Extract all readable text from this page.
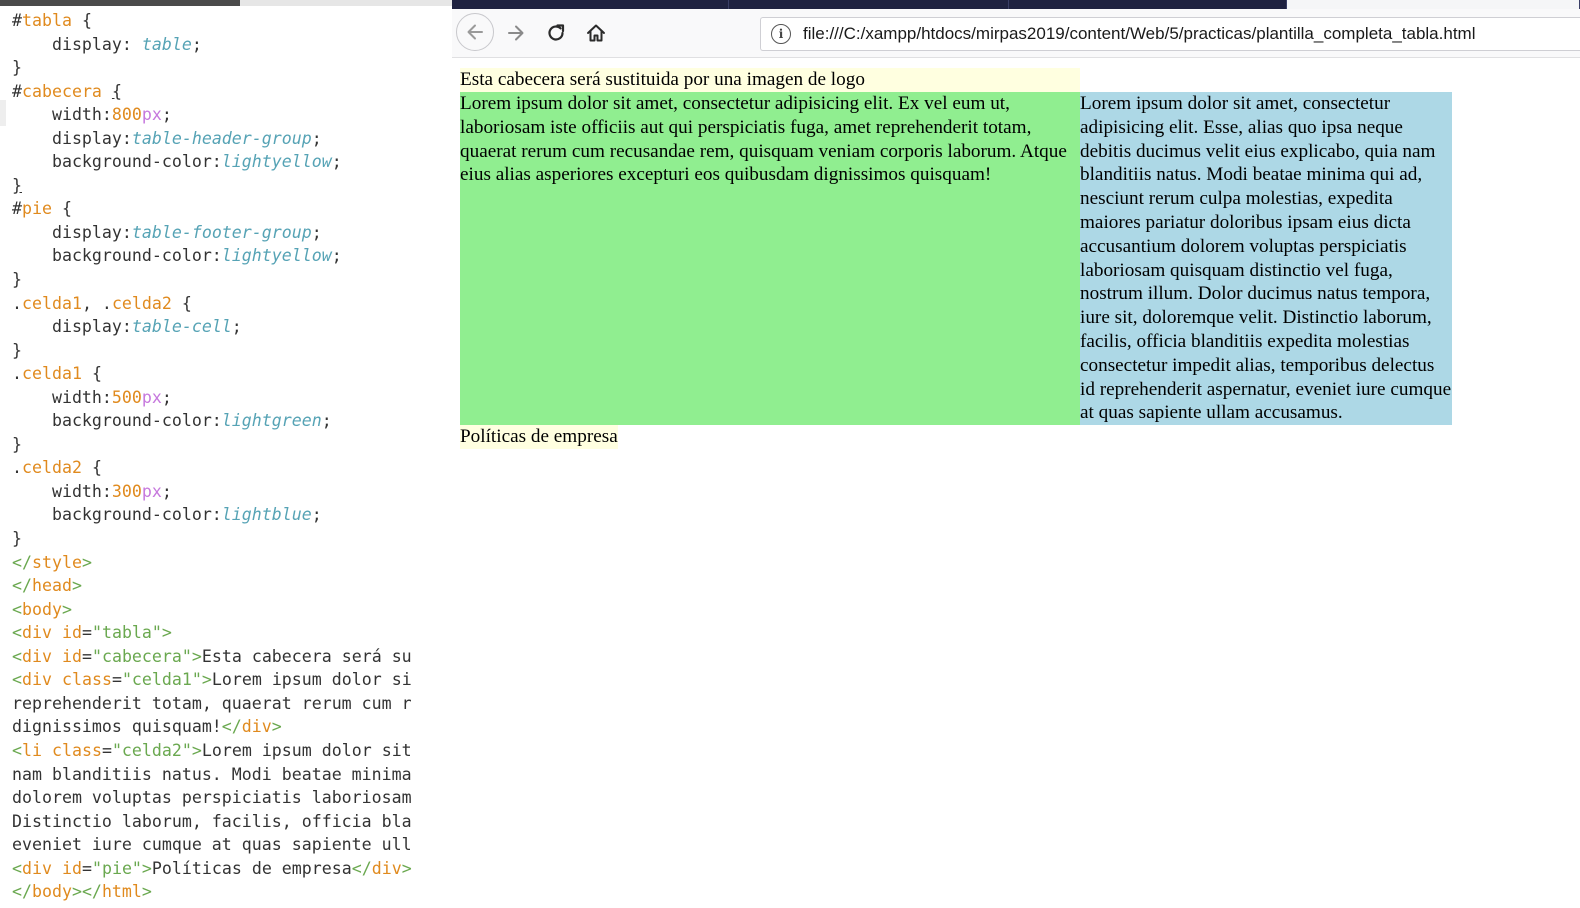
#tabla {
display: table;
}
#cabecera {
width:800px;
display:table-header-group;
background-color:lightyellow;
}
#pie {
display:table-footer-group;
background-color:lightyellow;
}
.celda1, .celda2 {
display:table-cell;
}
.celda1 {
width:500px;
background-color:lightgreen;
}
.celda2 {
width:300px;
background-color:lightblue;
}
</style>
</head>
<body>
<div id="tabla">
<div id="cabecera">Esta cabecera será su
<div class="celda1">Lorem ipsum dolor si
reprehenderit totam, quaerat rerum cum r
dignissimos quisquam!</div>
<li class="celda2">Lorem ipsum dolor sit
nam blanditiis natus. Modi beatae minima
dolorem voluptas perspiciatis laboriosam
Distinctio laborum, facilis, officia bla
eveniet iure cumque at quas sapiente ull
<div id="pie">Políticas de empresa</div>
</body></html>
i	file:///C:/xampp/htdocs/mirpas2019/content/Web/5/practicas/plantilla_completa_tabla.html
Esta cabecera será sustituida por una imagen de logo
Lorem ipsum dolor sit amet, consectetur adipisicing elit. Ex vel eum ut, laboriosam iste officiis aut qui perspiciatis fuga, amet reprehenderit totam, quaerat rerum cum recusandae rem, quisquam veniam corporis laborum. Atque eius alias asperiores excepturi eos quibusdam dignissimos quisquam!
Lorem ipsum dolor sit amet, consectetur adipisicing elit. Esse, alias quo ipsa neque debitis ducimus velit eius explicabo, quia nam blanditiis natus. Modi beatae minima qui ad, nesciunt rerum culpa molestias, expedita maiores pariatur doloribus ipsam eius dicta accusantium dolorem voluptas perspiciatis laboriosam quisquam distinctio vel fuga, nostrum illum. Dolor ducimus natus tempora, iure sit, doloremque velit. Distinctio laborum, facilis, officia blanditiis expedita molestias consectetur impedit alias, temporibus delectus id reprehenderit aspernatur, eveniet iure cumque at quas sapiente ullam accusamus.
Políticas de empresa
